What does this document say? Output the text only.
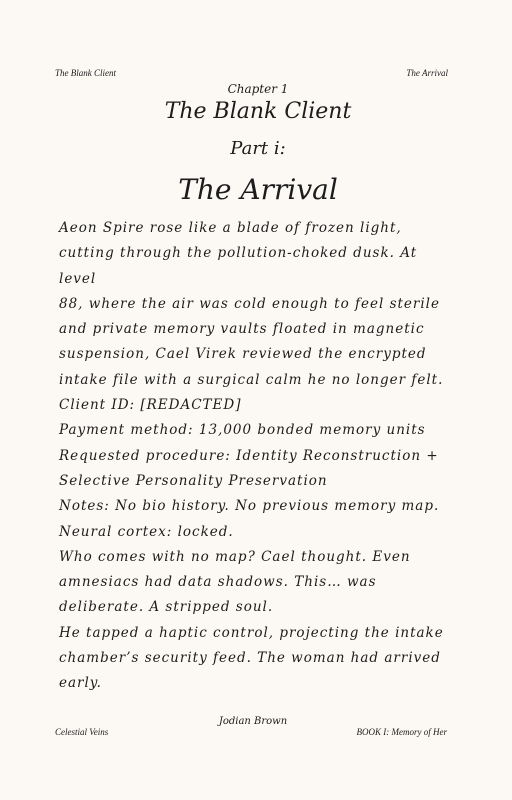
The Blank Client	The Arrival
Chapter 1
The Blank Client
Part i:
The Arrival
Aeon Spire rose like a blade of frozen light,
cutting through the pollution-choked dusk. At level
88, where the air was cold enough to feel sterile
and private memory vaults floated in magnetic
suspension, Cael Virek reviewed the encrypted
intake file with a surgical calm he no longer felt.
Client ID: [REDACTED]
Payment method: 13,000 bonded memory units
Requested procedure: Identity Reconstruction +
Selective Personality Preservation
Notes: No bio history. No previous memory map.
Neural cortex: locked.
Who comes with no map? Cael thought. Even
amnesiacs had data shadows. This… was
deliberate. A stripped soul.
He tapped a haptic control, projecting the intake
chamber’s security feed. The woman had arrived
early.
Jodian Brown
Celestial Veins	BOOK I: Memory of Her
